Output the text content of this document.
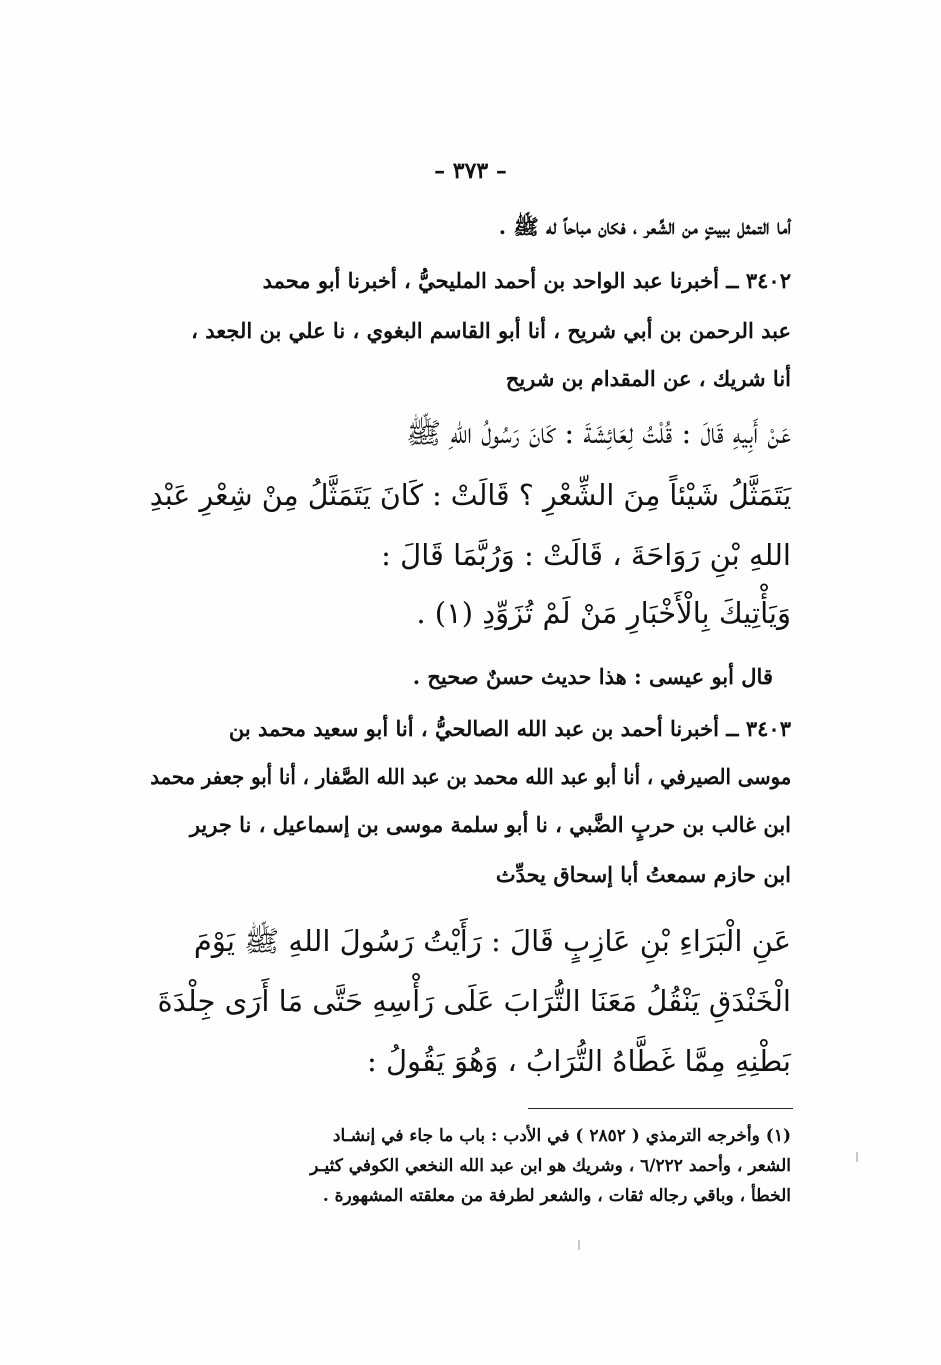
– ٣٧٣ –
أما التمثل ببيتٍ من الشِّعر ، فكان مباحاً له ﷺ .
٣٤٠٢ ــ أخبرنا عبد الواحد بن أحمد المليحيُّ ، أخبرنا أبو محمد
عبد الرحمن بن أبي شريح ، أنا أبو القاسم البغوي ، نا علي بن الجعد ،
أنا شريك ، عن المقدام بن شريح
عَنْ أَبِيهِ قَالَ : قُلْتُ لِعَائِشَةَ : كَانَ رَسُولُ اللهِ ﷺ
يَتَمَثَّلُ شَيْئاً مِنَ الشِّعْرِ ؟ قَالَتْ : كَانَ يَتَمَثَّلُ مِنْ شِعْرِ عَبْدِ
اللهِ بْنِ رَوَاحَةَ ، قَالَتْ : وَرُبَّمَا قَالَ :
وَيَأْتِيكَ بِالْأَخْبَارِ مَنْ لَمْ تُزَوِّدِ (١) .
قال أبو عيسى : هذا حديث حسنٌ صحيح .
٣٤٠٣ ــ أخبرنا أحمد بن عبد الله الصالحيُّ ، أنا أبو سعيد محمد بن
موسى الصيرفي ، أنا أبو عبد الله محمد بن عبد الله الصَّفار ، أنا أبو جعفر محمد
ابن غالب بن حربٍ الضَّبي ، نا أبو سلمة موسى بن إسماعيل ، نا جرير
ابن حازم سمعتُ أبا إسحاق يحدِّث
عَنِ الْبَرَاءِ بْنِ عَازِبٍ قَالَ : رَأَيْتُ رَسُولَ اللهِ ﷺ يَوْمَ
الْخَنْدَقِ يَنْقُلُ مَعَنَا التُّرَابَ عَلَى رَأْسِهِ حَتَّى مَا أَرَى جِلْدَةَ
بَطْنِهِ مِمَّا غَطَّاهُ التُّرَابُ ، وَهُوَ يَقُولُ :
(١) وأخرجه الترمذي ( ٢٨٥٢ ) في الأدب : باب ما جاء في إنشـاد
الشعر ، وأحمد ٦/٢٢٢ ، وشريك هو ابن عبد الله النخعي الكوفي كثيـر
الخطأ ، وباقي رجاله ثقات ، والشعر لطرفة من معلقته المشهورة .
